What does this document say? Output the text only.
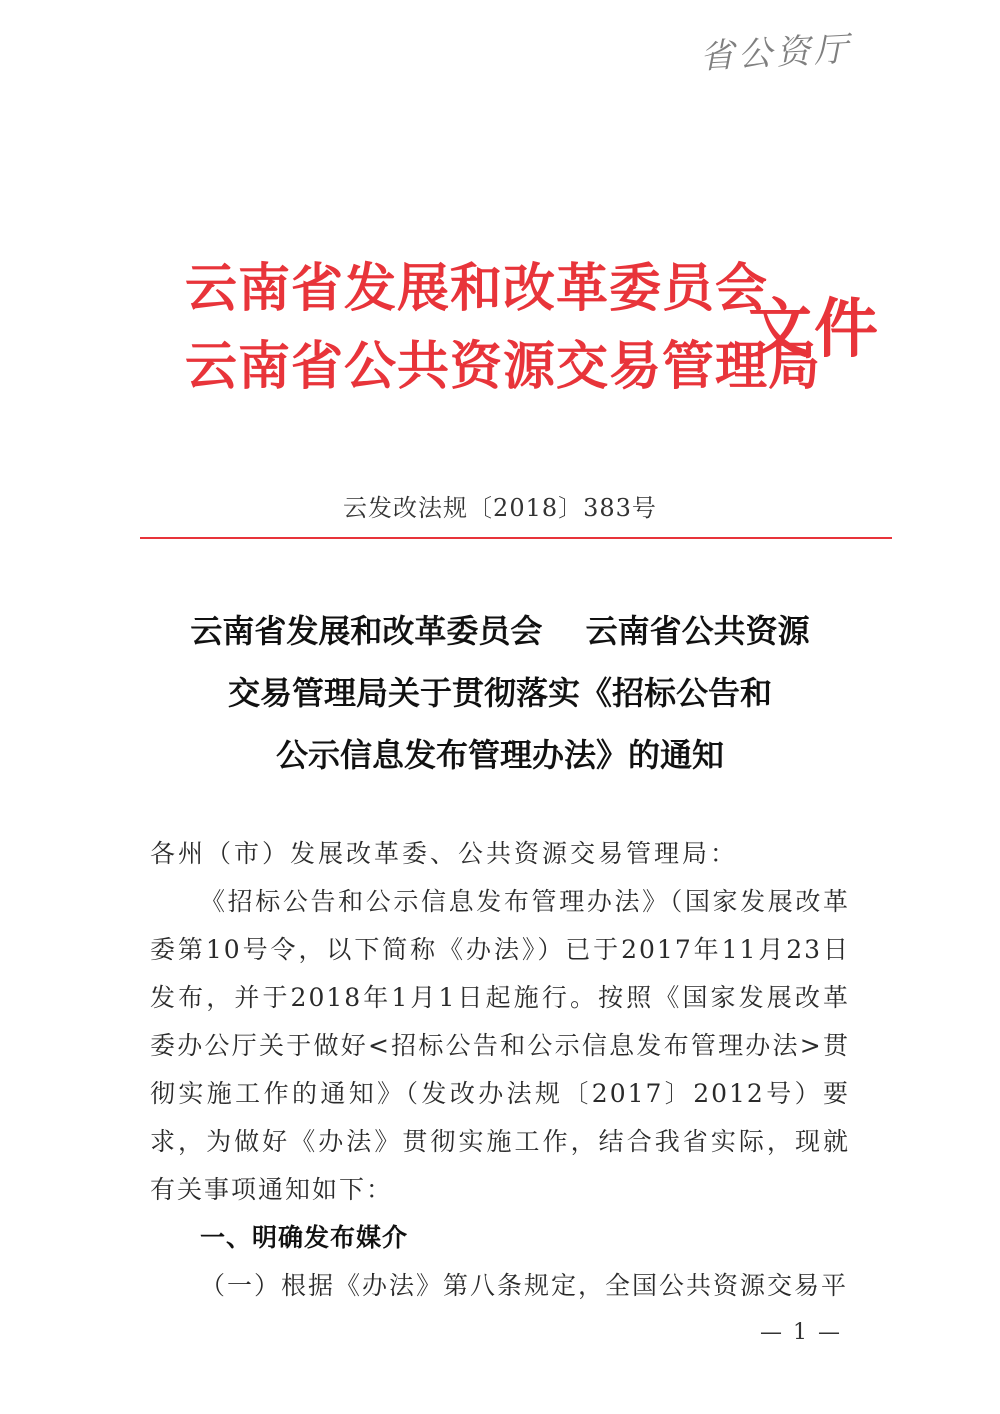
省公资厅
云南省发展和改革委员会
云南省公共资源交易管理局
文件
云发改法规〔2018〕383号
云南省发展和改革委员会　 云南省公共资源
交易管理局关于贯彻落实《招标公告和
公示信息发布管理办法》的通知
各州（市）发展改革委、公共资源交易管理局：
《招标公告和公示信息发布管理办法》（国家发展改革委第10号令，以下简称《办法》）已于2017年11月23日发布，并于2018年1月1日起施行。按照《国家发展改革委办公厅关于做好<招标公告和公示信息发布管理办法>贯彻实施工作的通知》（发改办法规〔2017〕2012号）要求，为做好《办法》贯彻实施工作，结合我省实际，现就有关事项通知如下：
一、明确发布媒介
（一）根据《办法》第八条规定，全国公共资源交易平
— 1 —
